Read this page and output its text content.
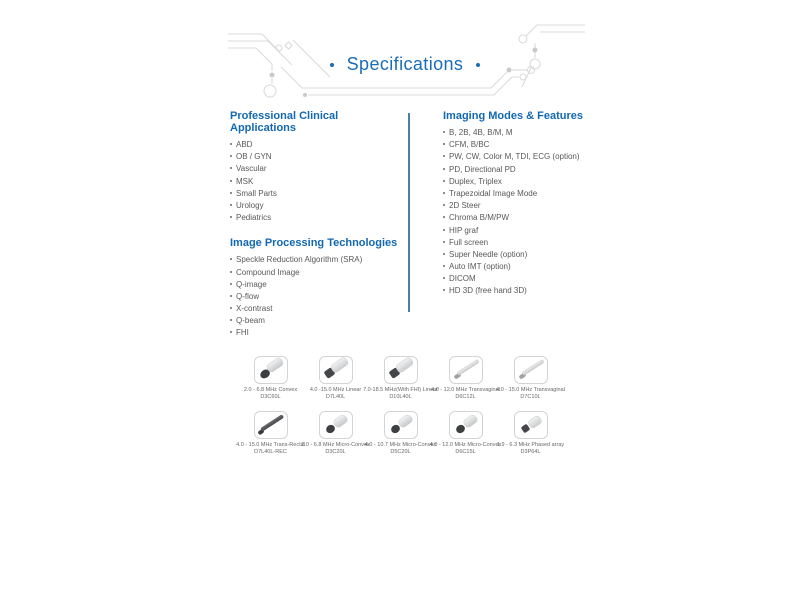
Specifications
Professional Clinical Applications
ABD
OB / GYN
Vascular
MSK
Small Parts
Urology
Pediatrics
Image Processing Technologies
Speckle Reduction Algorithm (SRA)
Compound Image
Q-image
Q-flow
X-contrast
Q-beam
FHI
Imaging Modes & Features
B, 2B, 4B, B/M, M
CFM, B/BC
PW, CW, Color M, TDI, ECG (option)
PD, Directional PD
Duplex, Triplex
Trapezoidal Image Mode
2D Steer
Chroma B/M/PW
HIP graf
Full screen
Super Needle (option)
Auto IMT (option)
DICOM
HD 3D (free hand 3D)
2.0 - 6.8 MHz Convex
D3C60L
4.0 -15.0 MHz Linear
D7L40L
7.0-18.5 MHz(With FHI) Linear
D10L40L
4.0 - 12.0 MHz Transvaginal
D6C12L
4.0 - 15.0 MHz Transvaginal
D7C10L
4.0 - 15.0 MHz Trans-Rectal
D7L40L-REC
2.0 - 6.8 MHz Micro-Convex
D3C20L
4.0 - 10.7 MHz Micro-Convex
D5C20L
4.0 - 12.0 MHz Micro-Convex
D6C15L
1.9 - 6.3 MHz Phased array
D3P64L
